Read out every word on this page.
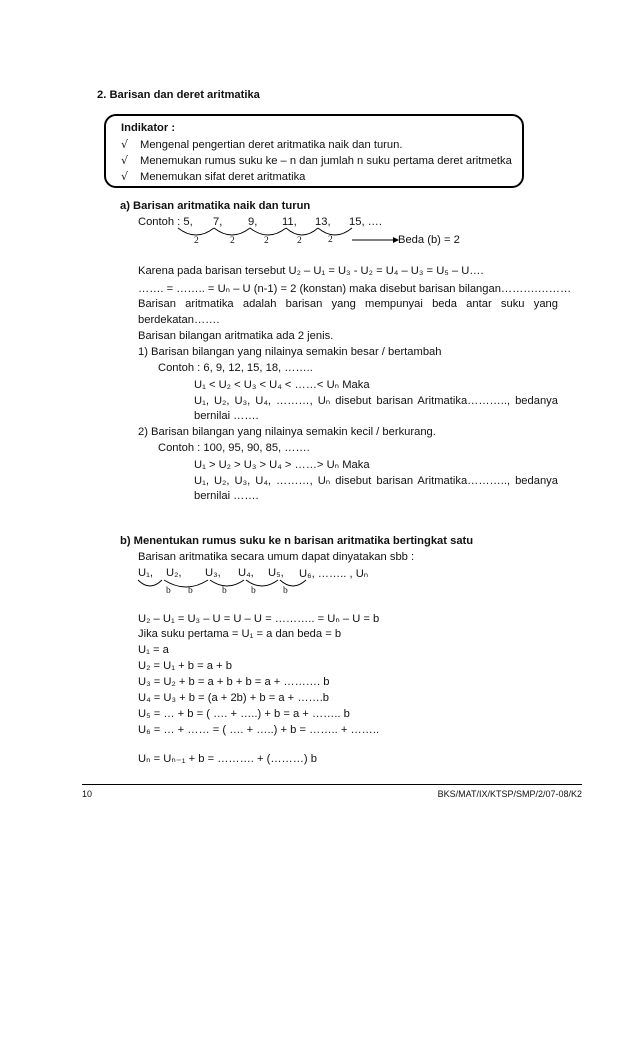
2. Barisan dan deret aritmatika
Indikator :
√ Mengenal pengertian deret aritmatika naik dan turun.
√ Menemukan rumus suku ke – n dan jumlah n suku pertama deret aritmetka
√ Menemukan sifat deret aritmatika
a) Barisan aritmatika naik dan turun
Contoh : 5, 7, 9, 11, 13, 15, ….
2	2	2	2	2	Beda (b) = 2
Karena pada barisan tersebut U₂ – U₁ = U₃ - U₂ = U₄ – U₃ = U₅ – U….
……. = …….. = Uₙ – U (n-1) = 2 (konstan) maka disebut barisan bilangan……….………
Barisan aritmatika adalah barisan yang mempunyai beda antar suku yang
berdekatan…….
Barisan bilangan aritmatika ada 2 jenis.
1) Barisan bilangan yang nilainya semakin besar / bertambah
Contoh : 6, 9, 12, 15, 18, ……..
U₁ < U₂ < U₃ < U₄ < ……< Uₙ Maka
U₁, U₂, U₃, U₄, ………, Uₙ disebut barisan Aritmatika……….., bedanya
bernilai …….
2) Barisan bilangan yang nilainya semakin kecil / berkurang.
Contoh : 100, 95, 90, 85, …….
U₁ > U₂ > U₃ > U₄ > ……> Uₙ Maka
U₁, U₂, U₃, U₄, ………, Uₙ disebut barisan Aritmatika……….., bedanya
bernilai …….
b) Menentukan rumus suku ke n barisan aritmatika bertingkat satu
Barisan aritmatika secara umum dapat dinyatakan sbb :
U₁, U₂, U₃, U₄, U₅, U₆, …….. , Uₙ
b b	b	b	b
U₂ – U₁ = U₃ – U = U – U = ……….. = Uₙ – U = b
Jika suku pertama = U₁ = a dan beda = b
U₁ = a
U₂ = U₁ + b = a + b
U₃ = U₂ + b = a + b + b = a + ………. b
U₄ = U₃ + b = (a + 2b) + b = a + …….b
U₅ = … + b = ( …. + …..) + b = a + …….. b
U₆ = … + …… = ( …. + …..) + b = …….. + ……..
Uₙ = Uₙ₋₁ + b = ………. + (………) b
10	BKS/MAT/IX/KTSP/SMP/2/07-08/K2
